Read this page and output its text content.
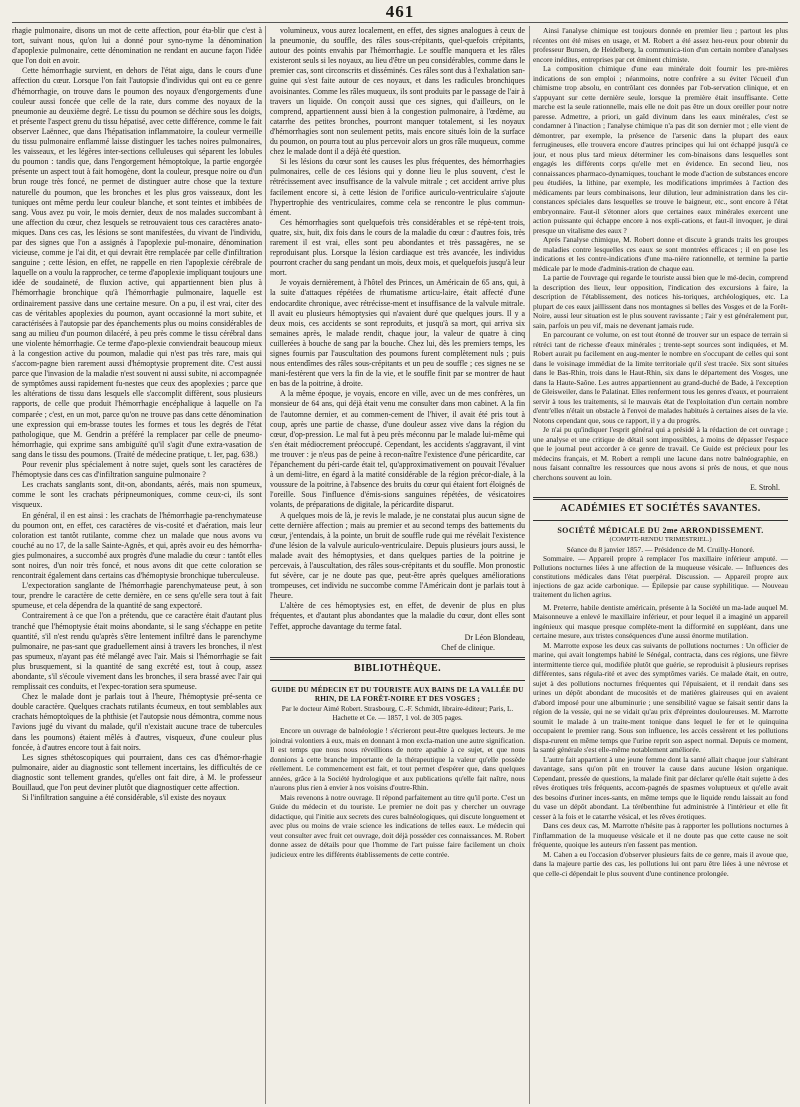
461

rhagie pulmonaire, disons un mot de cette affection, pour éta-blir que c'est à tort, suivant nous, qu'on lui a donné pour syno-nyme la dénomination d'apoplexie pulmonaire, cette dénomination ne rendant en aucune façon l'idée que l'on doit en avoir.

Cette hémorrhagie survient, en dehors de l'état aigu, dans le cours d'une affection du cœur. Lorsque l'on fait l'autopsie d'individus qui ont eu ce genre d'hémorrhagie, on trouve dans le poumon des noyaux d'engorgements d'une couleur aussi foncée que celle de la rate, durs comme des noyaux de la pneumonie au deuxième degré. Le tissu du poumon se déchire sous les doigts, et présente l'aspect grenu du tissu hépatisé, avec cette différence, comme le fait observer Laënnec, que dans l'hépatisation inflammatoire, la couleur vermeille du tissu pulmonaire enflammé laisse distinguer les taches noires pulmonaires, les vaisseaux, et les légères inter-sections celluleuses qui séparent les lobules du poumon : tandis que, dans l'engorgement hémoptoïque, la partie engorgée présente un aspect tout à fait homogène, dont la couleur, presque noire ou d'un brun rouge très foncé, ne permet de distinguer autre chose que la texture naturelle du poumon, que les bronches et les plus gros vaisseaux, dont les tuniques ont même perdu leur couleur blanche, et sont teintes et imbibées de sang. Vous avez pu voir, le mois dernier, deux de nos malades succombant à une affection du cœur, chez lesquels se retrouvaient tous ces caractères anato-miques. Dans ces cas, les lésions se sont manifestées, du vivant de l'individu, par des signes que l'on a assignés à l'apoplexie pul-monaire, dénomination vicieuse, comme je l'ai dit, et qui devrait être remplacée par celle d'infiltration sanguine ; cette lésion, en effet, ne rappelle en rien l'apoplexie cérébrale de laquelle on a voulu la rapprocher, ce terme d'apoplexie impliquant toujours une idée de soudaineté, de fluxion active, qui appartiennent bien plus à l'hémorrhagie bronchique qu'à l'hémorrhagie pulmonaire, laquelle est ordinairement passive dans une certaine mesure. On a pu, il est vrai, citer des cas de véritables apoplexies du poumon, ayant occasionné la mort subite, et caractérisées à l'autopsie par des épanchements plus ou moins considérables de sang au milieu d'un poumon dilacéré, à peu près comme le tissu cérébral dans une violente hémorrhagie. Ce terme d'apo-plexie conviendrait beaucoup mieux à la congestion active du poumon, maladie qui n'est pas très rare, mais qui s'accom-pagne bien rarement aussi d'hémoptysie proprement dite. C'est aussi parce que l'invasion de la maladie n'est souvent ni aussi subite, ni accompagnée de symptômes aussi rapidement fu-nestes que ceux des apoplexies ; parce que les altérations de tissu dans lesquels elle s'accomplit diffèrent, sous plusieurs rapports, de celle que produit l'hémorrhagie encéphalique à laquelle on l'a comparée ; c'est, en un mot, parce qu'on ne trouve pas dans cette dénomination une expression qui em-brasse toutes les formes et tous les degrés de l'état pathologique, que M. Gendrin a préféré la remplacer par celle de pneumo-hémorrhagie, qui exprime sans ambiguïté qu'il s'agit d'une extra-vasation de sang dans le tissu des poumons. (Traité de médecine pratique, t. Ier, pag. 638.)

Pour revenir plus spécialement à notre sujet, quels sont les caractères de l'hémoptysie dans ces cas d'infiltration sanguine pulmonaire ?

Les crachats sanglants sont, dit-on, abondants, aérés, mais non spumeux, comme le sont les crachats péripneumoniques, comme ceux-ci, ils sont visqueux.

En général, il en est ainsi : les crachats de l'hémorrhagie pa-renchymateuse du poumon ont, en effet, ces caractères de vis-cosité et d'aération, mais leur coloration est tantôt rutilante, comme chez un malade que nous avons vu couché au no 17, de la salle Sainte-Agnès, et qui, après avoir eu des hémorrha-gies pulmonaires, a succombé aux progrès d'une maladie du cœur : tantôt elles sont noires, d'un noir très foncé, et nous avons dit que cette coloration se rencontrait également dans certains cas d'hémoptysie bronchique tuberculeuse.

L'expectoration sanglante de l'hémorrhagie parenchymateuse peut, à son tour, prendre le caractère de cette dernière, en ce sens qu'elle sera tout à fait spumeuse, et cela dépendra de la quantité de sang expectoré.

Contrairement à ce que l'on a prétendu, que ce caractère était d'autant plus tranché que l'hémoptysie était moins abondante, si le sang s'échappe en petite quantité, s'il n'est rendu qu'après s'être lentement infiltré dans le parenchyme pulmonaire, ne pas-sant que graduellement ainsi à travers les bronches, il n'est pas spumeux, n'ayant pas été mélangé avec l'air. Mais si l'hémorrhagie se fait plus brusquement, si la quantité de sang excrété est, tout à coup, assez abondante, s'il s'écoule vivement dans les bronches, il sera brassé avec l'air qui remplissait ces conduits, et l'expec-toration sera spumeuse.

Chez le malade dont je parlais tout à l'heure, l'hémoptysie pré-senta ce double caractère. Quelques crachats rutilants écumeux, en tout semblables aux crachats hémoptoïques de la phthisie (et l'autopsie nous démontra, comme nous l'avions jugé du vivant du malade, qu'il n'existait aucune trace de tubercules dans les poumons) étaient mêlés à d'autres, visqueux, d'une couleur plus foncée, à d'autres encore tout à fait noirs.

Les signes sthétoscopiques qui pourraient, dans ces cas d'hémor-rhagie pulmonaire, aider au diagnostic sont tellement incertains, les difficultés de ce diagnostic sont tellement grandes, qu'elles ont fait dire, à M. le professeur Bouillaud, que l'on peut deviner plutôt que diagnostiquer cette affection.

Si l'infiltration sanguine a été considérable, s'il existe des noyaux

volumineux, vous aurez localement, en effet, des signes analogues à ceux de la pneumonie, du souffle, des râles sous-crépitants, quel-quefois crépitants, autour des points envahis par l'hémorrhagie. Le souffle manquera et les râles existeront seuls si les noyaux, au lieu d'être un peu considérables, comme dans le premier cas, sont circonscrits et disséminés. Ces râles sont dus à l'exhalation san-guine qui s'est faite autour de ces noyaux, et dans les radicules bronchiques avoisinantes. Comme les râles muqueux, ils sont produits par le passage de l'air à travers un liquide. On conçoit aussi que ces signes, qui d'ailleurs, on le comprend, appartiennent aussi bien à la congestion pulmonaire, à l'œdème, au catarrhe des petites bronches, pourront manquer totalement, si les noyaux d'hémorrhagies sont non seulement petits, mais encore situés loin de la surface du poumon, on pourra tout au plus percevoir alors un gros râle muqueux, comme chez le malade dont il a déjà été question.

Si les lésions du cœur sont les causes les plus fréquentes, des hémorrhagies pulmonaires, celle de ces lésions qui y donne lieu le plus souvent, c'est le rétrécissement avec insuffisance de la valvule mitrale ; cet accident arrive plus facilement encore si, à cette lésion de l'orifice auriculo-ventriculaire s'ajoute l'hypertrophie des ventriculaires, comme cela se rencontre le plus commun-ément.

Ces hémorrhagies sont quelquefois très considérables et se répè-tent trois, quatre, six, huit, dix fois dans le cours de la maladie du cœur : d'autres fois, très rarement il est vrai, elles sont peu abondantes et très passagères, ne se reproduisant plus. Lorsque la lésion cardiaque est très avancée, les individus pourront cracher du sang pendant un mois, deux mois, et quelquefois jusqu'à leur mort.

Je voyais dernièrement, à l'hôtel des Princes, un Américain de 65 ans, qui, à la suite d'attaques répétées de rhumatisme articu-laire, était affecté d'une endocardite chronique, avec rétrécisse-ment et insuffisance de la valvule mitrale. Il avait eu plusieurs hémoptysies qui n'avaient duré que quelques jours. Il y a deux mois, ces accidents se sont reproduits, et jusqu'à sa mort, qui arriva six semaines après, le malade rendit, chaque jour, la valeur de quatre à cinq cuillerées à bouche de sang par la bouche. Chez lui, dès les premiers temps, les signes fournis par l'auscultation des poumons furent complètement nuls ; puis nous entendîmes des râles sous-crépitants et un peu de souffle ; ces signes ne se mani-festèrent que vers la fin de la vie, et le souffle finit par se montrer de haut en bas de la poitrine, à droite.

A la même époque, je voyais, encore en ville, avec un de mes confrères, un monsieur de 64 ans, qui déjà était venu me consulter dans mon cabinet. A la fin de l'automne dernier, et au commen-cement de l'hiver, il avait été pris tout à coup, après une partie de chasse, d'une douleur assez vive dans la région du cœur, d'op-pression. Le mal fut à peu près méconnu par le malade lui-même qui s'en était médiocrement préoccupé. Cependant, les accidents s'aggravant, il vint me trouver : je n'eus pas de peine à recon-naître l'existence d'une péricardite, car l'épanchement du péri-carde était tel, qu'approximativement on pouvait l'évaluer à un demi-litre, en égard à la matité considérable de la région précor-diale, à la voussure de la poitrine, à l'absence des bruits du cœur qui étaient fort éloignés de l'oreille. Sous l'influence d'émis-sions sanguines répétées, de vésicatoires volants, de préparations de digitale, la péricardite disparut.

A quelques mois de là, je revis le malade, je ne constatai plus aucun signe de cette dernière affection ; mais au premier et au second temps des battements du cœur, j'entendais, à la pointe, un bruit de souffle rude qui me révélait l'existence d'une lésion de la valvule auriculo-ventriculaire. Depuis plusieurs jours aussi, le malade avait des hémoptysies, et dans quelques parties de la poitrine je percevais, à l'auscultation, des râles sous-crépitants et du souffle. Mon pronostic fut sévère, car je ne doute pas que, peut-être après quelques améliorations trompeuses, cet individu ne succombe comme l'Américain dont je parlais tout à l'heure.

L'altère de ces hémoptysies est, en effet, de devenir de plus en plus fréquentes, et d'autant plus abondantes que la maladie du cœur, dont elles sont l'effet, approche davantage du terme fatal.

Dr Léon Blondeau,
Chef de clinique.
BIBLIOTHÈQUE.
GUIDE DU MÉDECIN ET DU TOURISTE AUX BAINS DE LA VALLÉE DU RHIN, DE LA FORÊT-NOIRE ET DES VOSGES ;

Par le docteur Aimé Robert. Strasbourg, C.-F. Schmidt, libraire-éditeur; Paris, L. Hachette et Ce. — 1857, 1 vol. de 305 pages.

Encore un ouvrage de balnéologie ! s'écrieront peut-être quelques lecteurs. Je me joindrai volontiers à eux, mais en donnant à mon excla-mation une autre signification. Il est temps que nous nous réveillions de notre apathie à ce sujet, et que nous donnions à cette branche importante de la thérapeutique la valeur qu'elle possède réellement. Le commencement est fait, et tout permet d'espérer que, dans quelques années, grâce à la Société hydrologique et aux publications qu'elle fait naître, nous n'aurons plus rien à envier à nos voisins d'outre-Rhin.

Mais revenons à notre ouvrage. Il répond parfaitement au titre qu'il porte. C'est un Guide du médecin et du touriste. Le premier ne doit pas y chercher un ouvrage didactique, qui l'initie aux secrets des cures balnéologiques, qui discute longuement et avec plus ou moins de vraie science les indications de telles eaux. Le médecin qui veut consulter avec fruit cet ouvrage, doit déjà posséder ces connaissances. M. Robert donne assez de détails pour que l'homme de l'art puisse faire facilement un choix judicieux entre les différents établissements de cette contrée.

Ainsi l'analyse chimique est toujours donnée en premier lieu ; partout les plus récentes ont été mises en usage, et M. Robert a été assez heu-reux pour obtenir du professeur Bunsen, de Heidelberg, la communica-tion d'un certain nombre d'analyses encore inédites, entreprises par cet éminent chimiste.

La composition chimique d'une eau minérale doit fournir les pre-mières indications de son emploi ; néanmoins, notre confrère a su éviter l'écueil d'un chimisme trop absolu, en contrôlant ces données par l'ob-servation clinique, et en s'appuyant sur cette dernière seule, lorsque la première était insuffisante. Cette marche est la seule rationnelle, mais elle ne doit pas être un doux oreiller pour notre paresse. Admettre, a priori, un gaîd divinum dans les eaux minérales, c'est se condamner à l'inaction ; l'analyse chimique n'a pas dit son dernier mot ; elle vient de démontrer, par exemple, la présence de l'arsenic dans la plupart des eaux ferrugineuses, elle trouvera encore d'autres principes qui lui ont échappé jusqu'à ce jour, et nous plus tard mieux déterminer les com-binaisons dans lesquelles sont engagés les différents corps qu'elle met en évidence. En second lieu, nos connaissances pharmaco-dynamiques, touchant le mode d'action de substances encore peu étudiées, la lithine, par exemple, les modifications imprimées à l'action des médicaments par leurs combinaisons, leur dilution, leur administration dans les cir-constances spéciales dans lesquelles se trouve le baigneur, etc., sont encore à l'état embryonnaire. Faut-il s'étonner alors que certaines eaux minérales exercent une action puissante qui échappe encore à nos expli-cations, et faut-il invoquer, je dirai presque un vitalisme des eaux ?

Après l'analyse chimique, M. Robert donne et discute à grands traits les groupes de maladies contre lesquelles ces eaux se sont montrées efficaces ; il en pose les indications et les contre-indications d'une ma-nière rationnelle, et termine la partie médicale par le mode d'adminis-tration de chaque eau.

La partie de l'ouvrage qui regarde le touriste aussi bien que le mé-decin, comprend la description des lieux, leur opposition, l'indication des excursions à faire, la description de l'établissement, des notices his-toriques, archéologiques, etc. La plupart de ces eaux jaillissent dans nos montagnes si belles des Vosges et de la Forêt-Noire, aussi leur situation est le plus souvent ravissante ; l'air y est généralement pur, sain, parfois un peu vif, mais ne devenant jamais rude.

En parcourant ce volume, on est tout étonné de trouver sur un espace de terrain si rétréci tant de richesse d'eaux minérales ; trente-sept sources sont indiquées, et M. Robert aurait pu facilement en aug-menter le nombre en s'occupant de celles qui sont dans le voisinage immédiat de la limite territoriale qu'il s'est tracée. Six sont situées dans le Bas-Rhin, trois dans le Haut-Rhin, six dans le département des Vosges, une dans la Haute-Saône. Les autres appartiennent au grand-duché de Bade, à l'exception de Gleisweiler, dans le Palatinat. Elles renferment tous les genres d'eaux, et pourraient servir à tous les traitements, si le mauvais état de l'exploitation d'un certain nombre d'entr'elles n'était un obstacle à l'envoi de malades habitués à certaines aises de la vie. Notons cependant que, sous ce rapport, il y a du progrès.

Je n'ai pu qu'indiquer l'esprit général qui a présidé à la rédaction de cet ouvrage ; une analyse et une critique de détail sont impossibles, à moins de dépasser l'espace que le journal peut accorder à ce genre de travail. Ce Guide est précieux pour les médecins français, et M. Robert a rempli une lacune dans notre balnéographie, en nous faisant connaître les ressources que nous avons si près de nous, et que nous cherchons souvent au loin.

E. Strohl.
ACADÉMIES ET SOCIÉTÉS SAVANTES.
SOCIÉTÉ MÉDICALE DU 2me ARRONDISSEMENT.
(COMPTE-RENDU TRIMESTRIEL.)

Séance du 8 janvier 1857. — Présidence de M. Cruilly-Honoré.

Sommaire. — Appareil propre à remplacer l'os maxillaire inférieur amputé. — Pollutions nocturnes liées à une affection de la muqueuse vésicale. — Influences des constitutions médicales dans l'état puerpéral. Discussion. — Appareil propre aux injections de gaz acide carbonique. — Épilepsie par cause syphilitique. — Nouveau traitement du lichen agrius.

M. Preterre, habile dentiste américain, présente à la Société un ma-lade auquel M. Maisonneuve a enlevé le maxillaire inférieur, et pour lequel il a imaginé un appareil ingénieux qui masque presque complète-ment la difformité en suppléant, dans une certaine mesure, aux tristes conséquences d'une aussi énorme mutilation.

M. Marrotte expose les deux cas suivants de pollutions nocturnes : Un officier de marine, qui avait longtemps habité le Sénégal, contracta, dans ces régions, une fièvre intermittente tierce qui, modifiée plutôt que guérie, se reproduisit à plusieurs reprises différentes, sans régula-rité et avec des symptômes variés. Ce malade était, en outre, sujet à des pollutions nocturnes fréquentes qui l'épuisaient, et il rendait dans ses urines un dépôt abondant de mucosités et de matières glaireuses qui en avaient d'abord imposé pour une albuminurie ; une sensibilité vague se faisait sentir dans la région de la vessie, qui ne se vidait qu'au prix d'épreintes douloureuses. M. Marrotte soumit le malade à un traite-ment tonique dans lequel le fer et le quinquina occupaient le premier rang. Sous son influence, les accès cessèrent et les pollutions dispa-rurent en même temps que l'urine reprit son aspect normal. Depuis ce moment, la santé générale s'est elle-même notablement améliorée.

L'autre fait appartient à une jeune femme dont la santé allait chaque jour s'altérant davantage, sans qu'on pût en trouver la cause dans aucune lésion organique. Cependant, pressée de questions, la malade finit par déclarer qu'elle était sujette à des rêves érotiques très fréquents, accom-pagnés de spasmes voluptueux et qu'elle avait des besoins d'uriner inces-sants, en même temps que le liquide rendu laissait au fond du vase un dépôt abondant. La térébenthine fut administrée à l'intérieur et elle fit cesser à la fois et le catarrhe vésical, et les rêves érotiques.

Dans ces deux cas, M. Marrotte n'hésite pas à rapporter les pollutions nocturnes à l'inflammation de la muqueuse vésicale et il ne doute pas que cette cause ne soit fréquente, quoique les auteurs n'en fassent pas mention.

M. Cahen a eu l'occasion d'observer plusieurs faits de ce genre, mais il avoue que, dans la majeure partie des cas, les pollutions lui ont paru être liées à une névrose et que celle-ci dépendait le plus souvent d'une continence prolongée.
